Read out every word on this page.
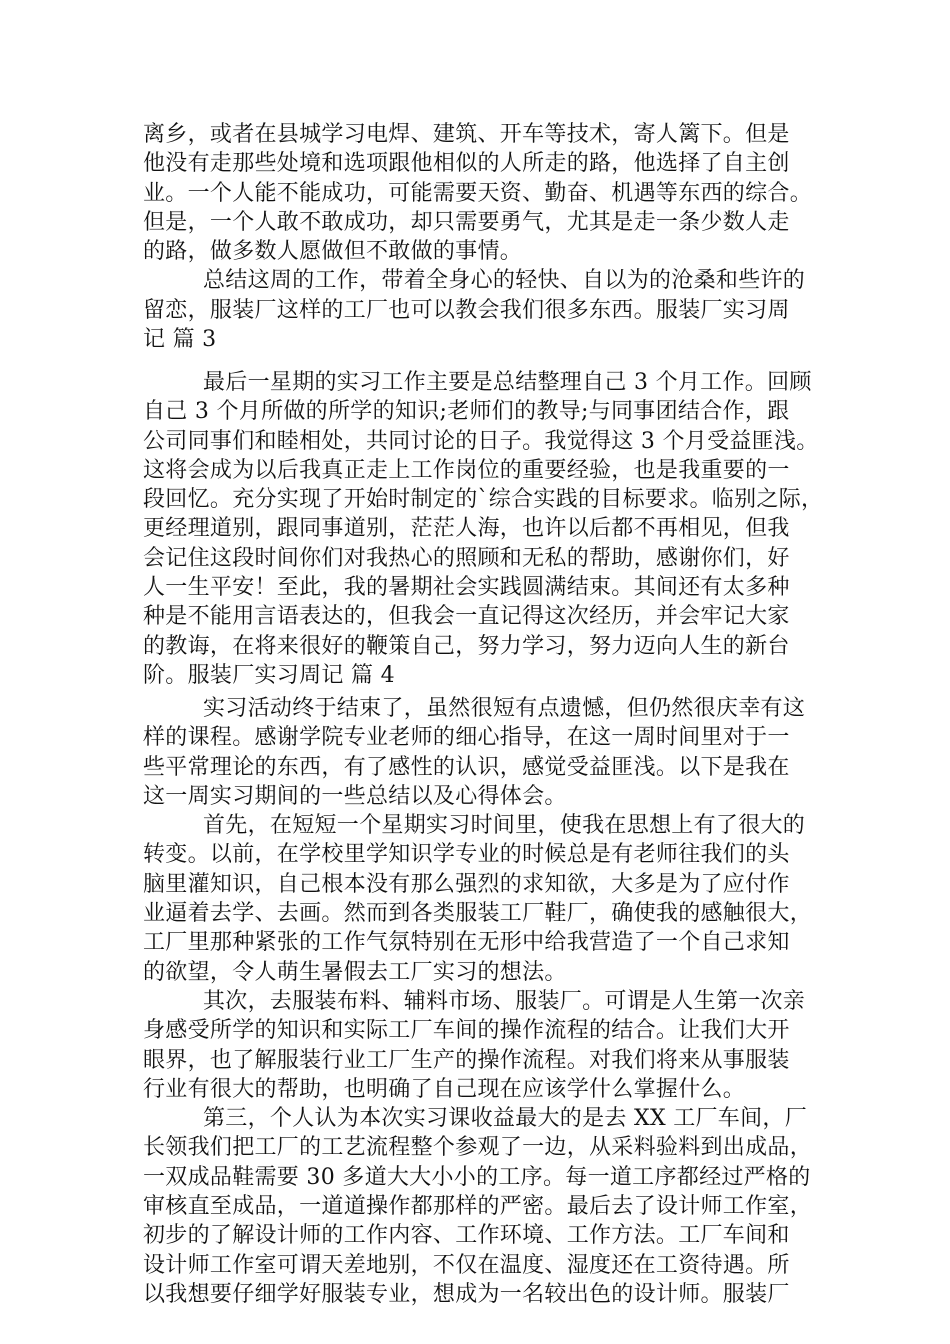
离乡，或者在县城学习电焊、建筑、开车等技术，寄人篱下。但是
他没有走那些处境和选项跟他相似的人所走的路，他选择了自主创
业。一个人能不能成功，可能需要天资、勤奋、机遇等东西的综合。
但是，一个人敢不敢成功，却只需要勇气，尤其是走一条少数人走
的路，做多数人愿做但不敢做的事情。
总结这周的工作，带着全身心的轻快、自以为的沧桑和些许的
留恋，服装厂这样的工厂也可以教会我们很多东西。服装厂实习周
记 篇 3
最后一星期的实习工作主要是总结整理自己 3 个月工作。回顾
自己 3 个月所做的所学的知识;老师们的教导;与同事团结合作，跟
公司同事们和睦相处，共同讨论的日子。我觉得这 3 个月受益匪浅。
这将会成为以后我真正走上工作岗位的重要经验，也是我重要的一
段回忆。充分实现了开始时制定的`综合实践的目标要求。临别之际，
更经理道别，跟同事道别，茫茫人海，也许以后都不再相见，但我
会记住这段时间你们对我热心的照顾和无私的帮助，感谢你们，好
人一生平安！至此，我的暑期社会实践圆满结束。其间还有太多种
种是不能用言语表达的，但我会一直记得这次经历，并会牢记大家
的教诲，在将来很好的鞭策自己，努力学习，努力迈向人生的新台
阶。服装厂实习周记 篇 4
实习活动终于结束了，虽然很短有点遗憾，但仍然很庆幸有这
样的课程。感谢学院专业老师的细心指导，在这一周时间里对于一
些平常理论的东西，有了感性的认识，感觉受益匪浅。以下是我在
这一周实习期间的一些总结以及心得体会。
首先，在短短一个星期实习时间里，使我在思想上有了很大的
转变。以前，在学校里学知识学专业的时候总是有老师往我们的头
脑里灌知识，自己根本没有那么强烈的求知欲，大多是为了应付作
业逼着去学、去画。然而到各类服装工厂鞋厂，确使我的感触很大，
工厂里那种紧张的工作气氛特别在无形中给我营造了一个自己求知
的欲望，令人萌生暑假去工厂实习的想法。
其次，去服装布料、辅料市场、服装厂。可谓是人生第一次亲
身感受所学的知识和实际工厂车间的操作流程的结合。让我们大开
眼界，也了解服装行业工厂生产的操作流程。对我们将来从事服装
行业有很大的帮助，也明确了自己现在应该学什么掌握什么。
第三，个人认为本次实习课收益最大的是去 XX 工厂车间，厂
长领我们把工厂的工艺流程整个参观了一边，从采料验料到出成品，
一双成品鞋需要 30 多道大大小小的工序。每一道工序都经过严格的
审核直至成品，一道道操作都那样的严密。最后去了设计师工作室，
初步的了解设计师的工作内容、工作环境、工作方法。工厂车间和
设计师工作室可谓天差地别，不仅在温度、湿度还在工资待遇。所
以我想要仔细学好服装专业，想成为一名较出色的设计师。服装厂
